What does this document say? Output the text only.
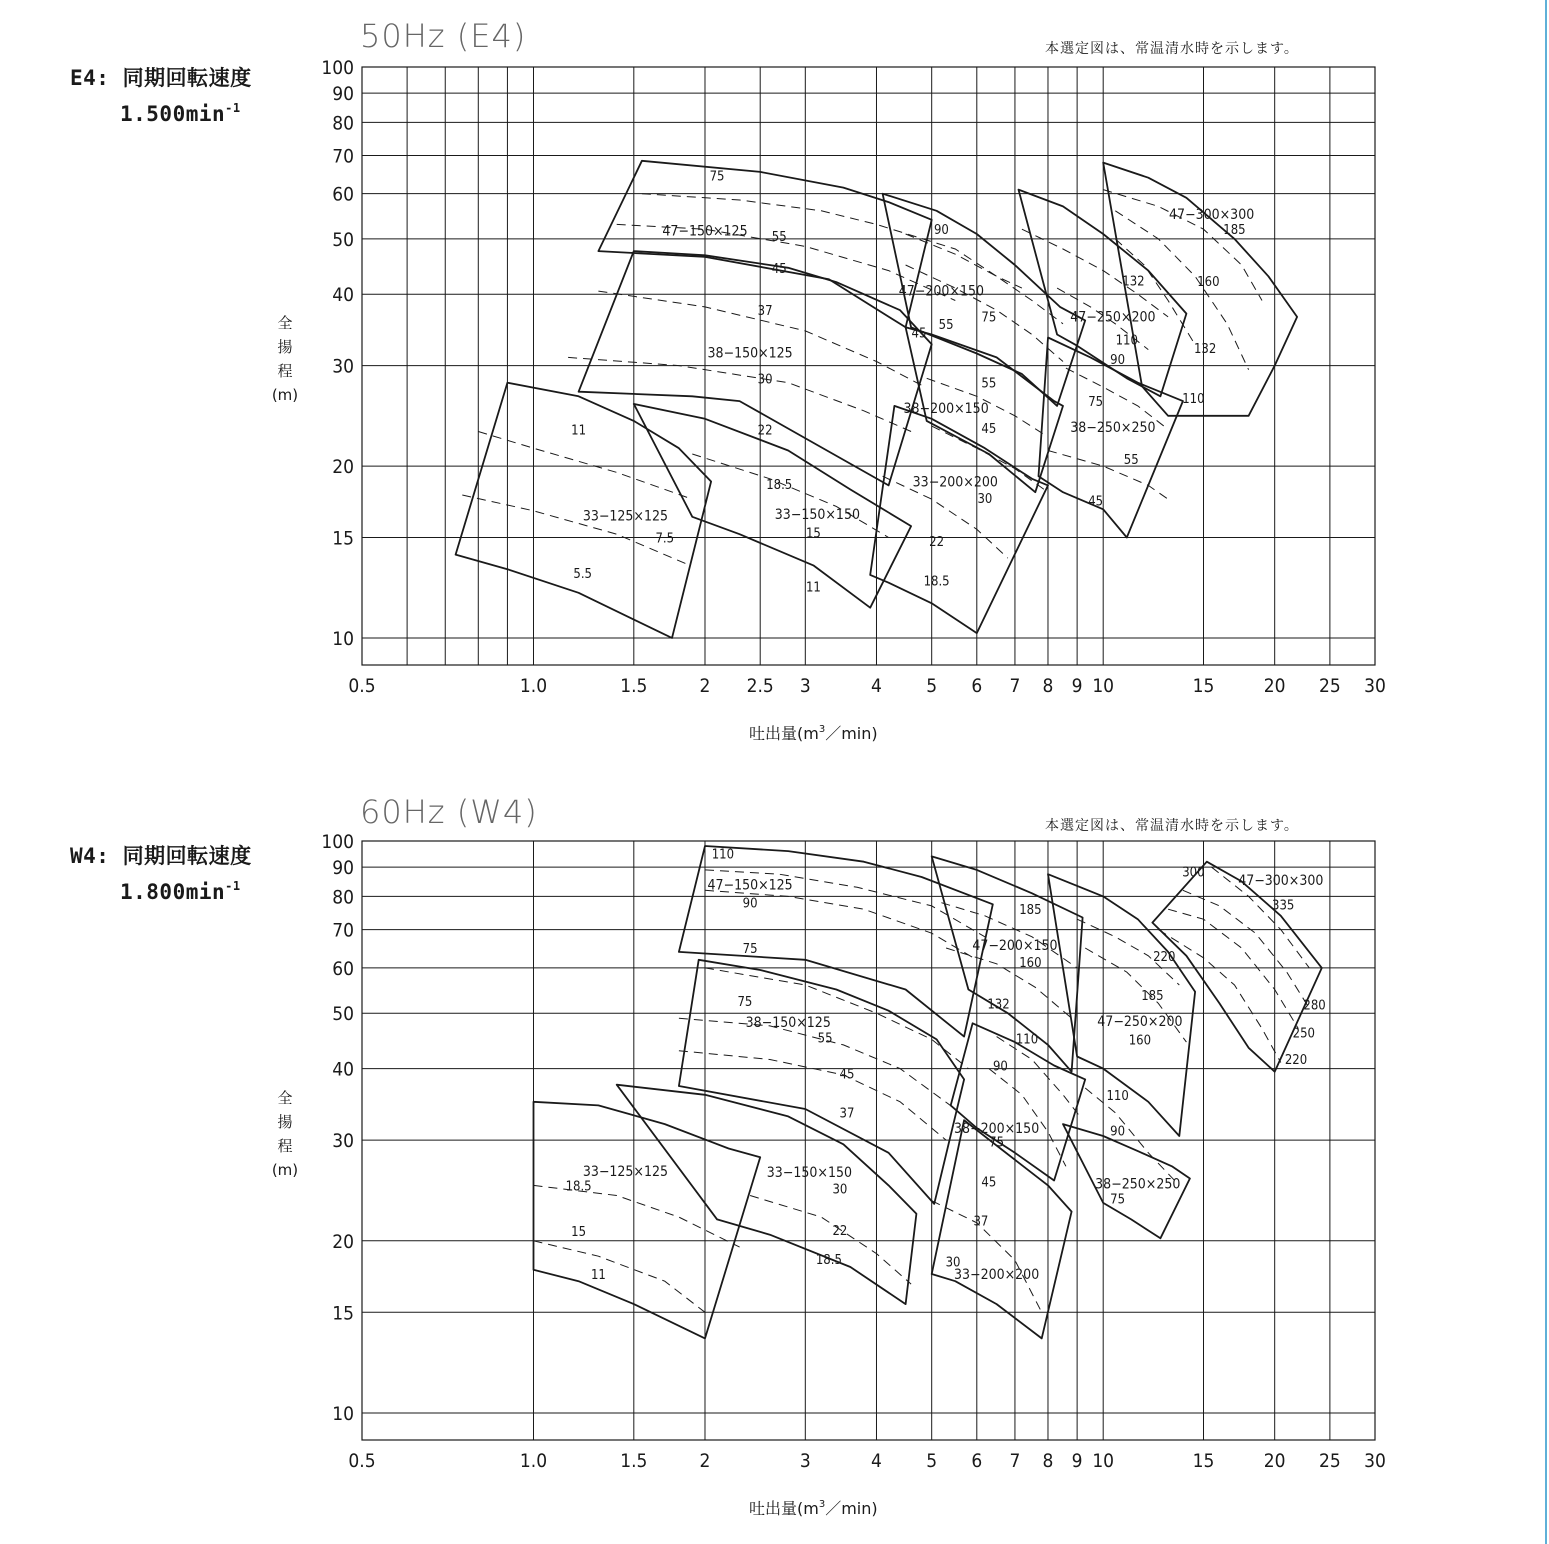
E4: 同期回転速度
$1.500\min^{-1}$
50Hz (E4)	本選定図は、常温清水時を示します。
全
揚
程
(m)
吐出量$(m^3/\min)$
0.5	1.0	1.5	2 2.5 3	4 5 6 7 8 9 10	15	20 25 30
10
15
20
30
40
50
60
70
80
90
100
47−150×125
38−150×125
33−125×125	33−150×150
47−200×150
38−200×150
33−200×200
47−250×200
38−250×250
47−300×300
75
55
45
37
30
22
18.5
15
11
11
7.5
5.5
90
75
55
45
55
45
30
22
18.5
132
110
90
75
55
45
185
160
132
110
W4: 同期回転速度
$1.800\min^{-1}$
60Hz (W4)	本選定図は、常温清水時を示します。
全
揚
程
(m)
吐出量$(m^3/\min)$
0.5	1.0	1.5	2	3	4 5 6 7 8 9 10	15	20 25 30
10
15
20
30
40
50
60
70
80
90
100
47−150×125
38−150×125
33−125×125	33−150×150
47−200×150
38−200×150
33−200×200
47−250×200
38−250×250
47−300×300
110
90
75
75
55
45
37
30
22
18.5
18.5
15
11
185
160
132
110
90
75
45
37
30
220
185
160
110
90
75
300
335
280
250
220
